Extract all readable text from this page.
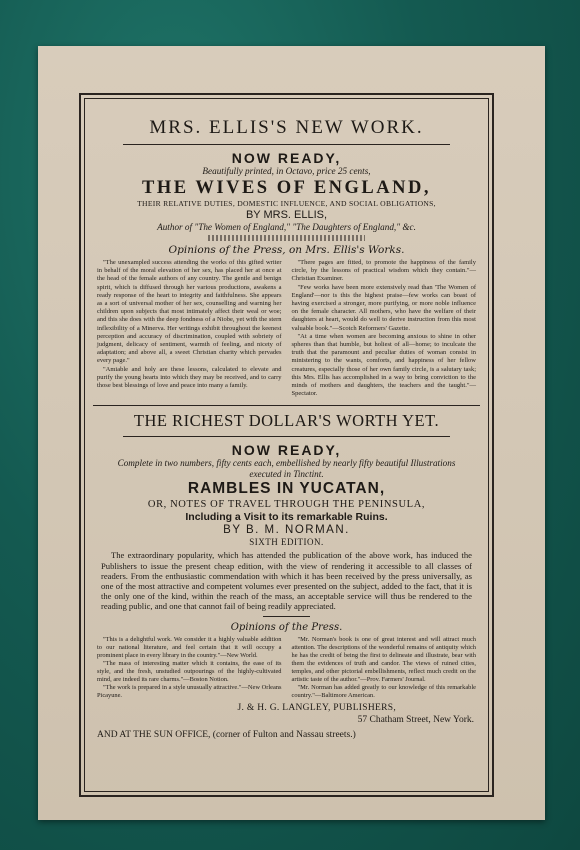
MRS. ELLIS'S NEW WORK.
NOW READY,
Beautifully printed, in Octavo, price 25 cents,
THE WIVES OF ENGLAND,
THEIR RELATIVE DUTIES, DOMESTIC INFLUENCE, AND SOCIAL OBLIGATIONS,
BY MRS. ELLIS,
Author of "The Women of England," "The Daughters of England," &c.
Opinions of the Press, on Mrs. Ellis's Works.

"The unexampled success attending the works of this gifted writer in behalf of the moral elevation of her sex, has placed her at once at the head of the female authors of any country. The gentle and benign spirit, which is diffused through her various productions, awakens a ready response of the heart to integrity and faithfulness. She appears as a sort of universal mother of her sex, counselling and warning her children upon subjects that most intimately affect their weal or woe; and this she does with the deep fondness of a Niobe, yet with the stern inflexibility of a Minerva. Her writings exhibit throughout the keenest perception and accuracy of discrimination, coupled with sobriety of judgment, delicacy of sentiment, warmth of feeling, and nicety of adaptation; and above all, a sweet Christian charity which pervades every page."

"Amiable and holy are these lessons, calculated to elevate and purify the young hearts into which they may be received, and to carry those best blessings of love and peace into many a family.

"There pages are fitted, to promote the happiness of the family circle, by the lessons of practical wisdom which they contain."—Christian Examiner.

"Few works have been more extensively read than 'The Women of England'—nor is this the highest praise—few works can boast of having exercised a stronger, more purifying, or more noble influence on the female character. All mothers, who have the welfare of their daughters at heart, would do well to derive instruction from this most valuable book."—Scotch Reformers' Gazette.

"At a time when women are becoming anxious to shine in other spheres than that humble, but holiest of all—home; to inculcate the truth that the paramount and peculiar duties of woman consist in ministering to the wants, comforts, and happiness of her fellow creatures, especially those of her own family circle, is a salutary task; this Mrs. Ellis has accomplished in a way to bring conviction to the minds of mothers and daughters, the teachers and the taught."—Spectator.

THE RICHEST DOLLAR'S WORTH YET.
NOW READY,
Complete in two numbers, fifty cents each, embellished by nearly fifty beautiful Illustrations
executed in Tinctint.
RAMBLES IN YUCATAN,
OR, NOTES OF TRAVEL THROUGH THE PENINSULA,
Including a Visit to its remarkable Ruins.
BY B. M. NORMAN.
SIXTH EDITION.
The extraordinary popularity, which has attended the publication of the above work, has induced the Publishers to issue the present cheap edition, with the view of rendering it accessible to all classes of readers. From the enthusiastic commendation with which it has been received by the press universally, as one of the most attractive and competent volumes ever presented on the subject, added to the fact, that it is the only one of the kind, within the reach of the mass, an acceptable service will thus be rendered to the reading public, and one that cannot fail of being readily appreciated.
Opinions of the Press.

"This is a delightful work. We consider it a highly valuable addition to our national literature, and feel certain that it will occupy a prominent place in every library in the country."—New World.

"The mass of interesting matter which it contains, the ease of its style, and the fresh, unstudied outpourings of the highly-cultivated mind, are indeed its rare charms."—Boston Notion.

"The work is prepared in a style unusually attractive."—New Orleans Picayune.

"Mr. Norman's book is one of great interest and will attract much attention. The descriptions of the wonderful remains of antiquity which he has the credit of being the first to delineate and illustrate, bear with them the evidences of truth and candor. The views of ruined cities, temples, and other pictorial embellishments, reflect much credit on the artistic taste of the author."—Prov. Farmers' Journal.

"Mr. Norman has added greatly to our knowledge of this remarkable country."—Baltimore American.

J. & H. G. LANGLEY, PUBLISHERS,
57 Chatham Street, New York.
AND AT THE SUN OFFICE, (corner of Fulton and Nassau streets.)
